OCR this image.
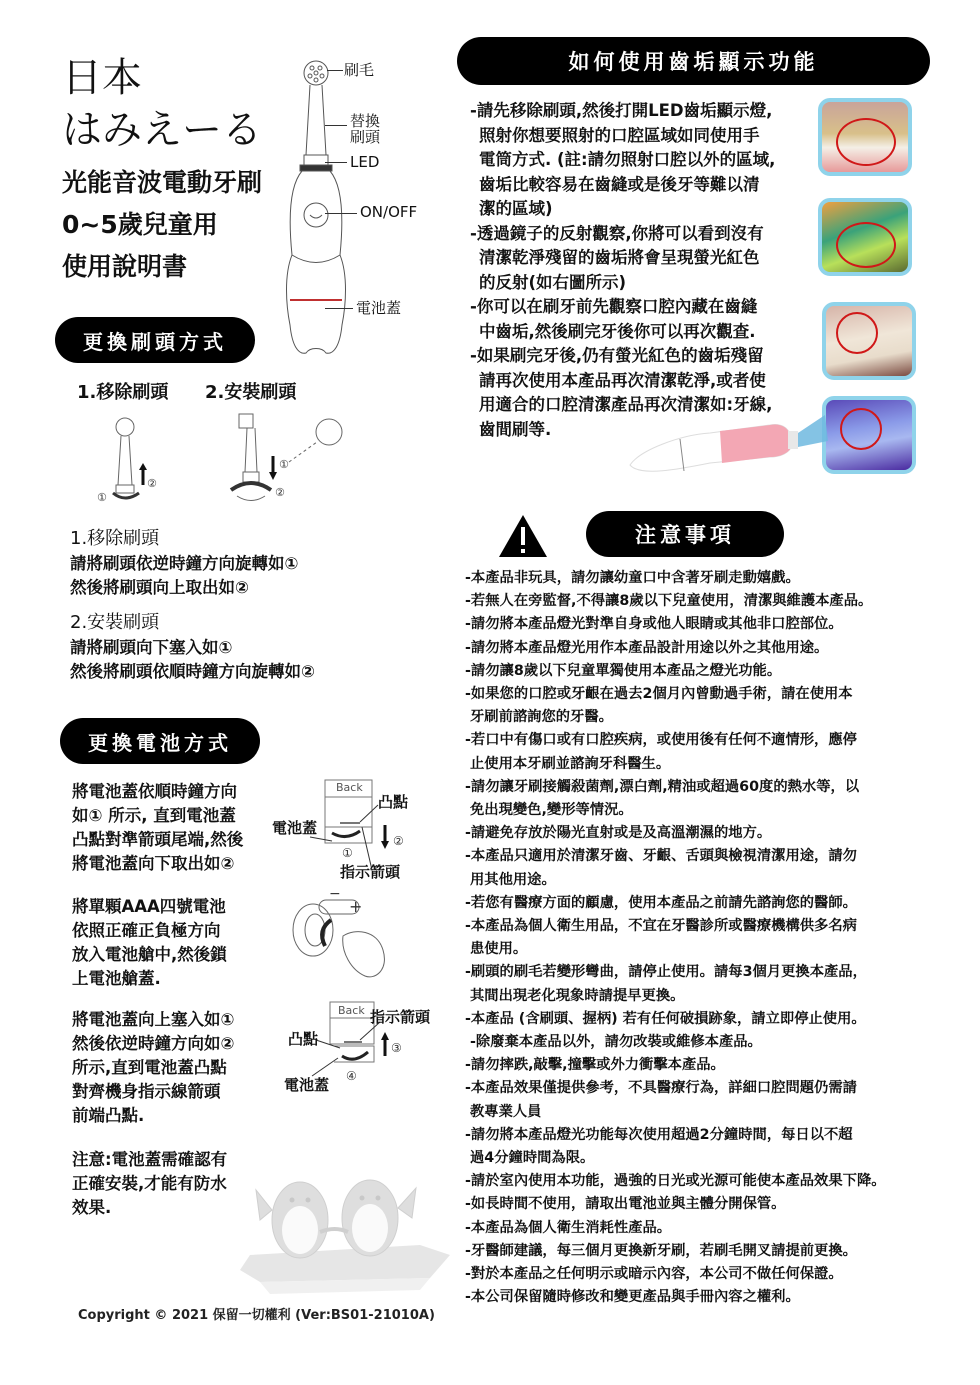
日本
はみえーる
光能音波電動牙刷
0~5歲兒童用
使用說明書
刷毛
替換
刷頭
LED
ON/OFF
電池蓋
更換刷頭方式
1.移除刷頭 2.安裝刷頭
②
①
①
②
1.移除刷頭
請將刷頭依逆時鐘方向旋轉如①
然後將刷頭向上取出如②
2.安裝刷頭
請將刷頭向下塞入如①
然後將刷頭依順時鐘方向旋轉如②
更換電池方式
將電池蓋依順時鐘方向
如① 所示, 直到電池蓋
凸點對準箭頭尾端,然後
將電池蓋向下取出如②
將單顆AAA四號電池
依照正確正負極方向
放入電池艙中,然後鎖
上電池艙蓋.
將電池蓋向上塞入如①
然後依逆時鐘方向如②
所示,直到電池蓋凸點
對齊機身指示線箭頭
前端凸點.
注意:電池蓋需確認有
正確安裝,才能有防水
效果.
Back
凸點
電池蓋
①
②
指示箭頭
−
+
Back 指示箭頭
凸點	③
④
電池蓋
Copyright © 2021 保留一切權利 (Ver:BS01-21010A)
如何使用齒垢顯示功能

-請先移除刷頭,然後打開LED齒垢顯示燈,

照射你想要照射的口腔區域如同使用手

電筒方式. (註:請勿照射口腔以外的區域,

齒垢比較容易在齒縫或是後牙等難以清

潔的區域)

-透過鏡子的反射觀察,你將可以看到沒有

清潔乾淨殘留的齒垢將會呈現螢光紅色

的反射(如右圖所示)

-你可以在刷牙前先觀察口腔內藏在齒縫

中齒垢,然後刷完牙後你可以再次觀查.

-如果刷完牙後,仍有螢光紅色的齒垢殘留

請再次使用本產品再次清潔乾淨,或者使

用適合的口腔清潔產品再次清潔如:牙線,

齒間刷等.

注意事項

-本產品非玩具，請勿讓幼童口中含著牙刷走動嬉戲。

-若無人在旁監督,不得讓8歲以下兒童使用，清潔與維護本產品。

-請勿將本產品燈光對準自身或他人眼睛或其他非口腔部位。

-請勿將本產品燈光用作本產品設計用途以外之其他用途。

-請勿讓8歲以下兒童單獨使用本產品之燈光功能。

-如果您的口腔或牙齦在過去2個月內曾動過手術，請在使用本

牙刷前諮詢您的牙醫。

-若口中有傷口或有口腔疾病，或使用後有任何不適情形，應停

止使用本牙刷並諮詢牙科醫生。

-請勿讓牙刷接觸殺菌劑,漂白劑,精油或超過60度的熱水等，以

免出現變色,變形等情況。

-請避免存放於陽光直射或是及高溫潮濕的地方。

-本產品只適用於清潔牙齒、牙齦、舌頭與檢視清潔用途，請勿

用其他用途。

-若您有醫療方面的顧慮，使用本產品之前請先諮詢您的醫師。

-本產品為個人衛生用品，不宜在牙醫診所或醫療機構供多名病

患使用。

-刷頭的刷毛若變形彎曲，請停止使用。請每3個月更換本產品，

其間出現老化現象時請提早更換。

-本產品 (含刷頭、握柄) 若有任何破損跡象，請立即停止使用。

-除廢棄本產品以外，請勿改裝或維修本產品。

-請勿摔跌,敲擊,撞擊或外力衝擊本產品。

-本產品效果僅提供參考，不具醫療行為，詳細口腔問題仍需請

教專業人員

-請勿將本產品燈光功能每次使用超過2分鐘時間，每日以不超

過4分鐘時間為限。

-請於室內使用本功能，過強的日光或光源可能使本產品效果下降。

-如長時間不使用，請取出電池並與主體分開保管。

-本產品為個人衛生消耗性產品。

-牙醫師建議，每三個月更換新牙刷，若刷毛開叉請提前更換。

-對於本產品之任何明示或暗示內容，本公司不做任何保證。

-本公司保留隨時修改和變更產品與手冊內容之權利。
